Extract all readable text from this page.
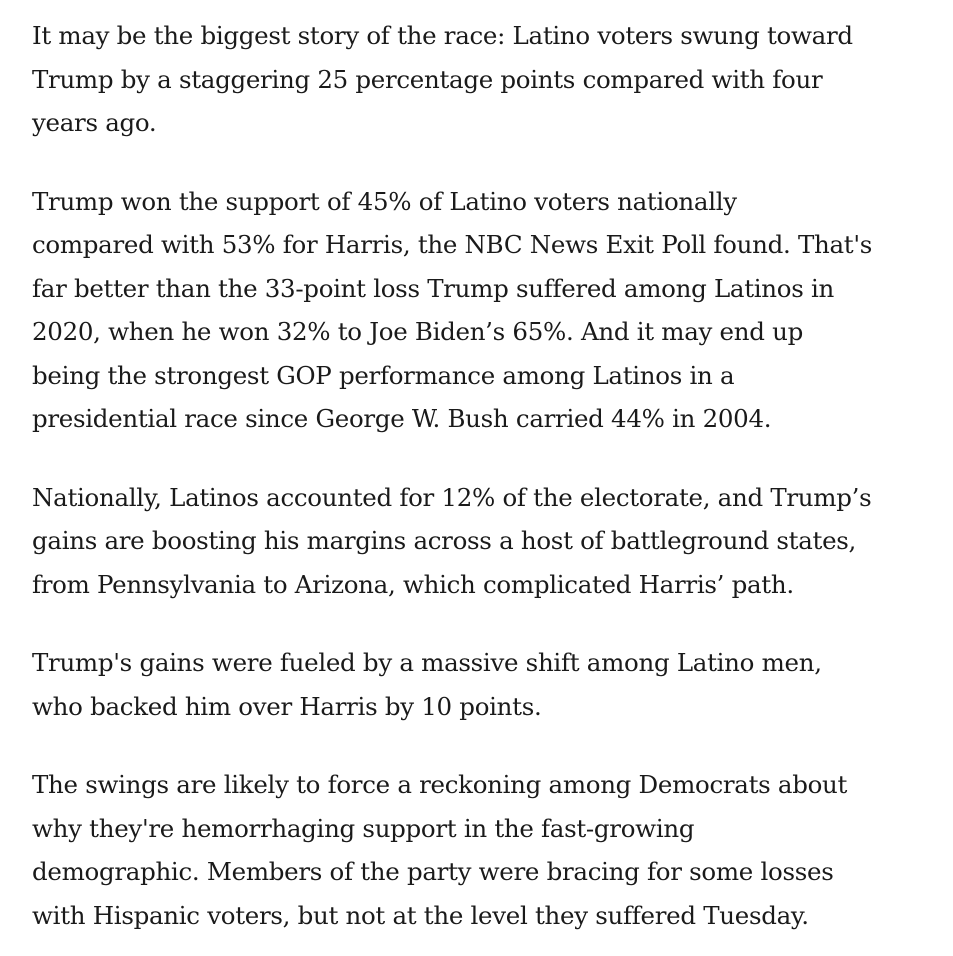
It may be the biggest story of the race: Latino voters swung toward
Trump by a staggering 25 percentage points compared with four
years ago.

Trump won the support of 45% of Latino voters nationally
compared with 53% for Harris, the NBC News Exit Poll found. That's
far better than the 33-point loss Trump suffered among Latinos in
2020, when he won 32% to Joe Biden’s 65%. And it may end up
being the strongest GOP performance among Latinos in a
presidential race since George W. Bush carried 44% in 2004.

Nationally, Latinos accounted for 12% of the electorate, and Trump’s
gains are boosting his margins across a host of battleground states,
from Pennsylvania to Arizona, which complicated Harris’ path.

Trump's gains were fueled by a massive shift among Latino men,
who backed him over Harris by 10 points.

The swings are likely to force a reckoning among Democrats about
why they're hemorrhaging support in the fast-growing
demographic. Members of the party were bracing for some losses
with Hispanic voters, but not at the level they suffered Tuesday.
